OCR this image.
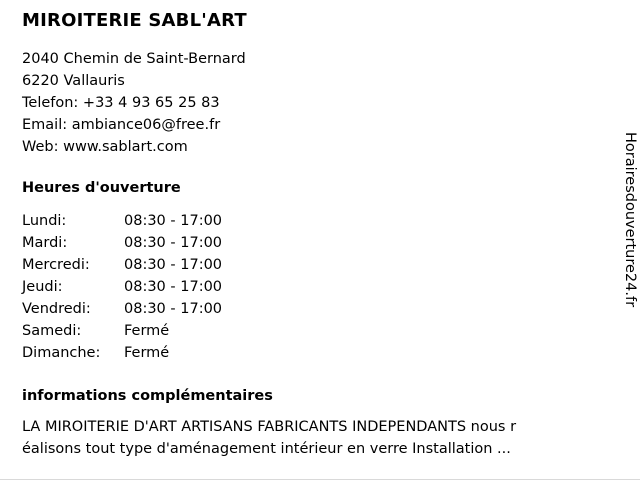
MIROITERIE SABL'ART
2040 Chemin de Saint-Bernard
6220 Vallauris
Telefon: +33 4 93 65 25 83
Email: ambiance06@free.fr
Web: www.sablart.com
Heures d'ouverture
Lundi:	08:30 - 17:00
Mardi:	08:30 - 17:00
Mercredi:	08:30 - 17:00
Jeudi:	08:30 - 17:00
Vendredi:	08:30 - 17:00
Samedi:	Fermé
Dimanche:	Fermé
informations complémentaires
LA MIROITERIE D'ART ARTISANS FABRICANTS INDEPENDANTS nous r
éalisons tout type d'aménagement intérieur en verre Installation ...
Horairesdouverture24.fr
